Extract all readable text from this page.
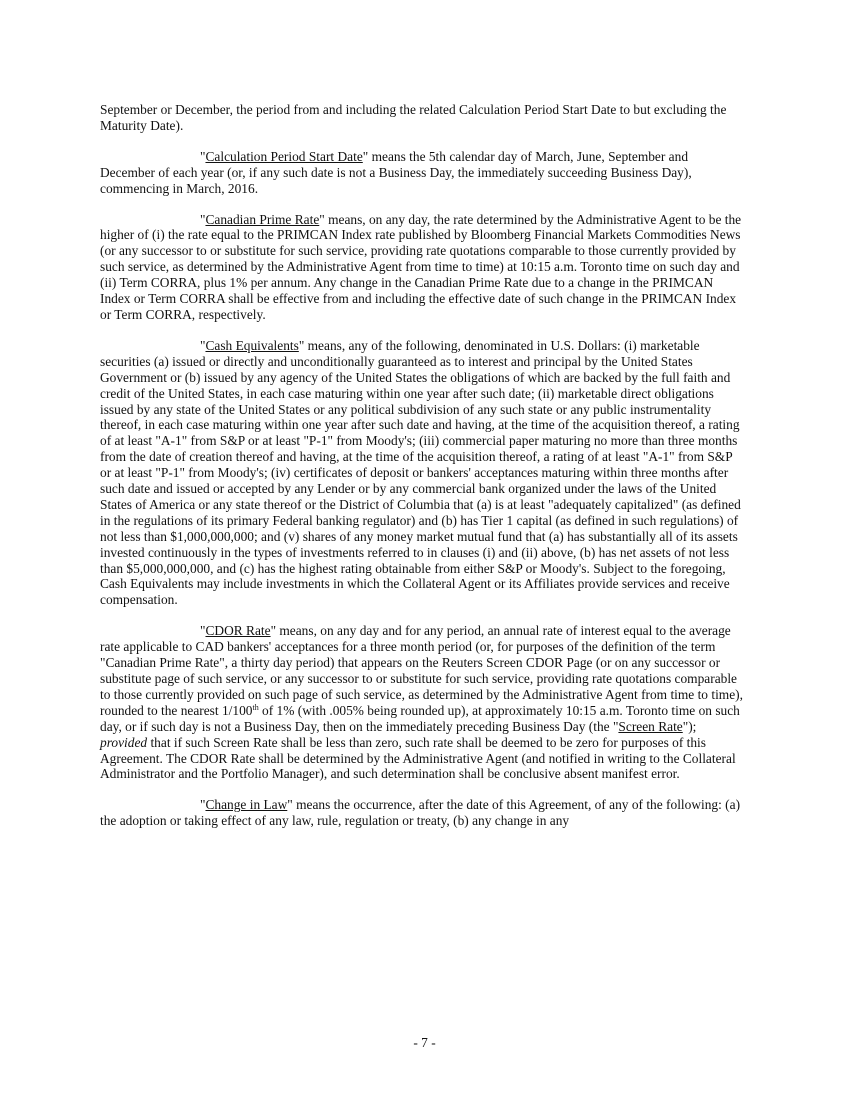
September or December, the period from and including the related Calculation Period Start Date to but excluding the Maturity Date).

"Calculation Period Start Date" means the 5th calendar day of March, June, September and December of each year (or, if any such date is not a Business Day, the immediately succeeding Business Day), commencing in March, 2016.

"Canadian Prime Rate" means, on any day, the rate determined by the Administrative Agent to be the higher of (i) the rate equal to the PRIMCAN Index rate published by Bloomberg Financial Markets Commodities News (or any successor to or substitute for such service, providing rate quotations comparable to those currently provided by such service, as determined by the Administrative Agent from time to time) at 10:15 a.m. Toronto time on such day and (ii) Term CORRA, plus 1% per annum. Any change in the Canadian Prime Rate due to a change in the PRIMCAN Index or Term CORRA shall be effective from and including the effective date of such change in the PRIMCAN Index or Term CORRA, respectively.

"Cash Equivalents" means, any of the following, denominated in U.S. Dollars: (i) marketable securities (a) issued or directly and unconditionally guaranteed as to interest and principal by the United States Government or (b) issued by any agency of the United States the obligations of which are backed by the full faith and credit of the United States, in each case maturing within one year after such date; (ii) marketable direct obligations issued by any state of the United States or any political subdivision of any such state or any public instrumentality thereof, in each case maturing within one year after such date and having, at the time of the acquisition thereof, a rating of at least "A-1" from S&P or at least "P-1" from Moody's; (iii) commercial paper maturing no more than three months from the date of creation thereof and having, at the time of the acquisition thereof, a rating of at least "A-1" from S&P or at least "P-1" from Moody's; (iv) certificates of deposit or bankers' acceptances maturing within three months after such date and issued or accepted by any Lender or by any commercial bank organized under the laws of the United States of America or any state thereof or the District of Columbia that (a) is at least "adequately capitalized" (as defined in the regulations of its primary Federal banking regulator) and (b) has Tier 1 capital (as defined in such regulations) of not less than $1,000,000,000; and (v) shares of any money market mutual fund that (a) has substantially all of its assets invested continuously in the types of investments referred to in clauses (i) and (ii) above, (b) has net assets of not less than $5,000,000,000, and (c) has the highest rating obtainable from either S&P or Moody's. Subject to the foregoing, Cash Equivalents may include investments in which the Collateral Agent or its Affiliates provide services and receive compensation.

"CDOR Rate" means, on any day and for any period, an annual rate of interest equal to the average rate applicable to CAD bankers' acceptances for a three month period (or, for purposes of the definition of the term "Canadian Prime Rate", a thirty day period) that appears on the Reuters Screen CDOR Page (or on any successor or substitute page of such service, or any successor to or substitute for such service, providing rate quotations comparable to those currently provided on such page of such service, as determined by the Administrative Agent from time to time), rounded to the nearest 1/100th of 1% (with .005% being rounded up), at approximately 10:15 a.m. Toronto time on such day, or if such day is not a Business Day, then on the immediately preceding Business Day (the "Screen Rate"); provided that if such Screen Rate shall be less than zero, such rate shall be deemed to be zero for purposes of this Agreement. The CDOR Rate shall be determined by the Administrative Agent (and notified in writing to the Collateral Administrator and the Portfolio Manager), and such determination shall be conclusive absent manifest error.

"Change in Law" means the occurrence, after the date of this Agreement, of any of the following: (a) the adoption or taking effect of any law, rule, regulation or treaty, (b) any change in any

- 7 -
